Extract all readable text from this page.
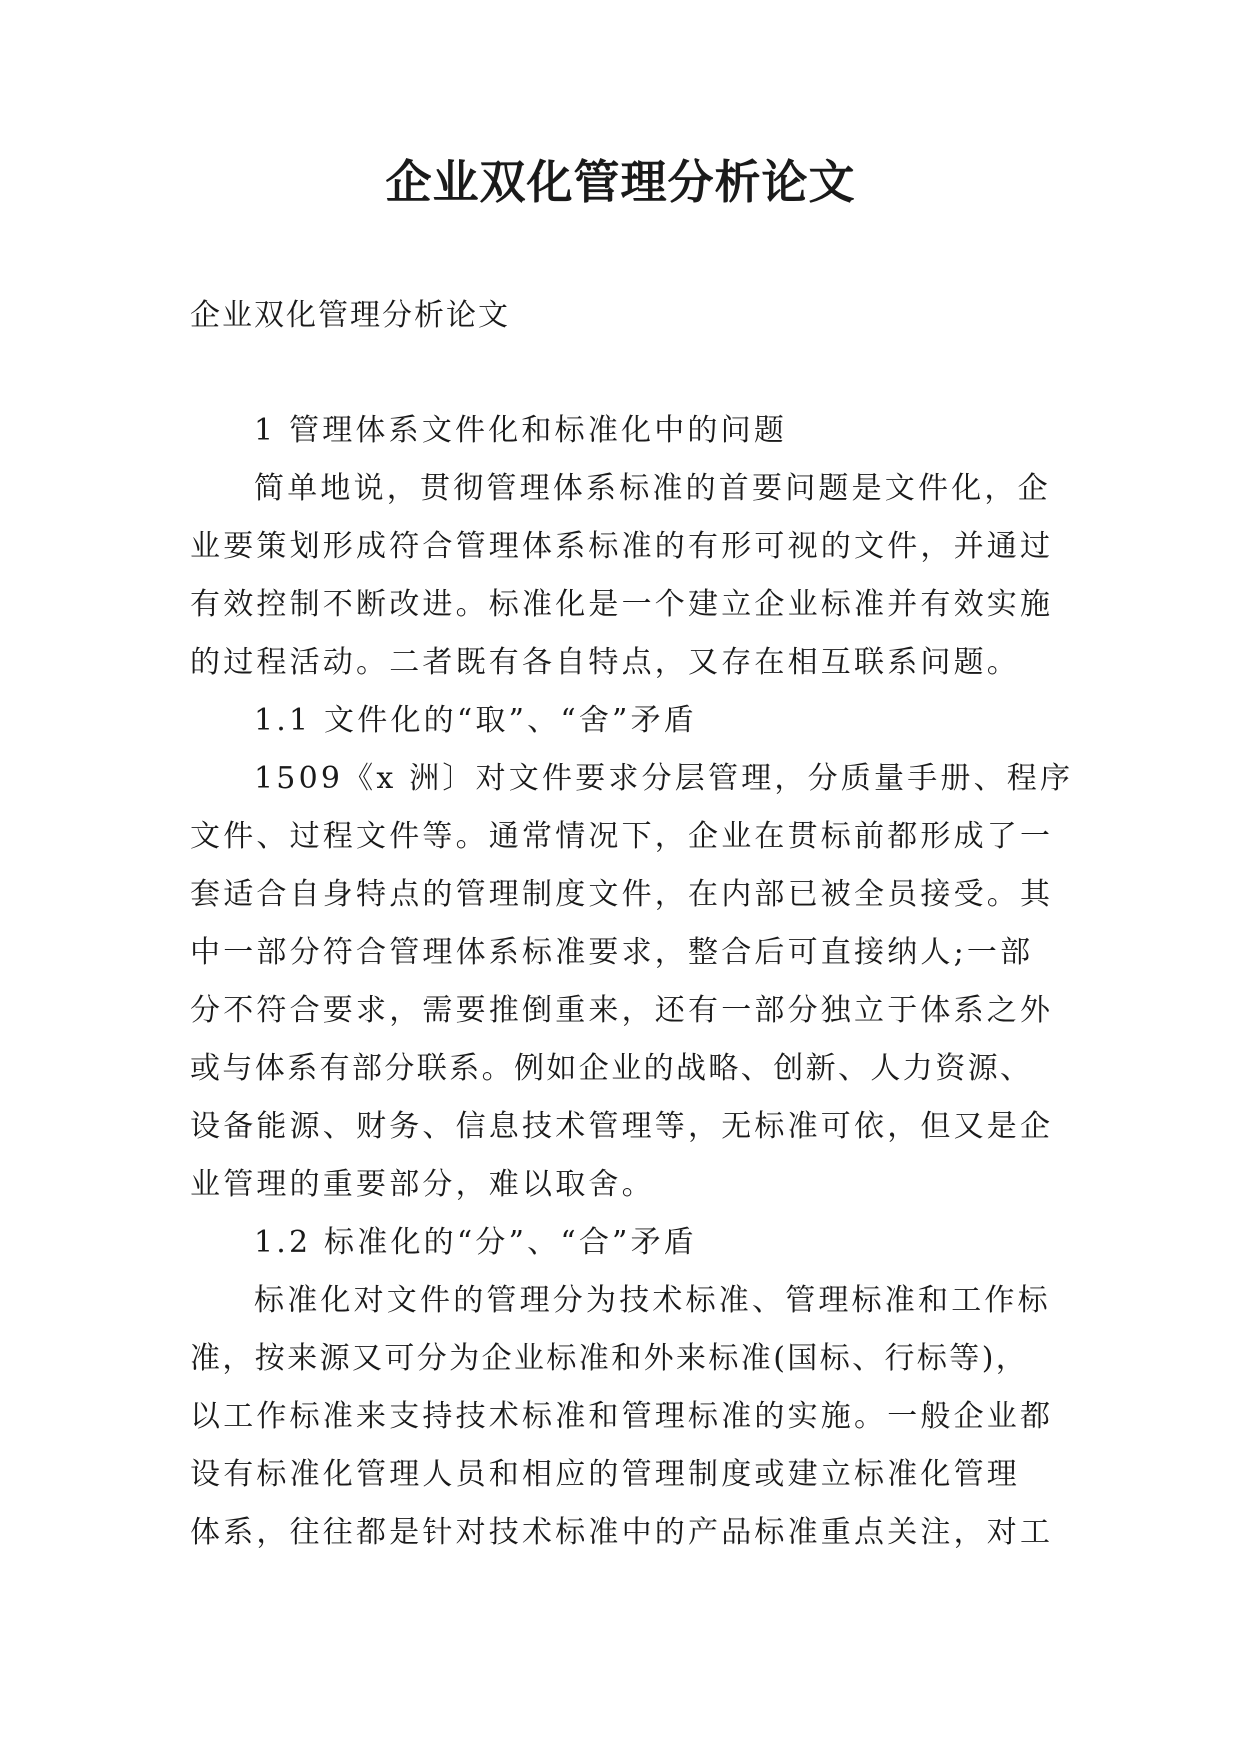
企业双化管理分析论文

企业双化管理分析论文

1 管理体系文件化和标准化中的问题

简单地说，贯彻管理体系标准的首要问题是文件化，企

业要策划形成符合管理体系标准的有形可视的文件，并通过

有效控制不断改进。标准化是一个建立企业标准并有效实施

的过程活动。二者既有各自特点，又存在相互联系问题。

1.1 文件化的“取”、“舍”矛盾

1509《x 洲〕对文件要求分层管理，分质量手册、程序

文件、过程文件等。通常情况下，企业在贯标前都形成了一

套适合自身特点的管理制度文件，在内部已被全员接受。其

中一部分符合管理体系标准要求，整合后可直接纳人;一部

分不符合要求，需要推倒重来，还有一部分独立于体系之外

或与体系有部分联系。例如企业的战略、创新、人力资源、

设备能源、财务、信息技术管理等，无标准可依，但又是企

业管理的重要部分，难以取舍。

1.2 标准化的“分”、“合”矛盾

标准化对文件的管理分为技术标准、管理标准和工作标

准，按来源又可分为企业标准和外来标准(国标、行标等)，

以工作标准来支持技术标准和管理标准的实施。一般企业都

设有标准化管理人员和相应的管理制度或建立标准化管理

体系，往往都是针对技术标准中的产品标准重点关注，对工
